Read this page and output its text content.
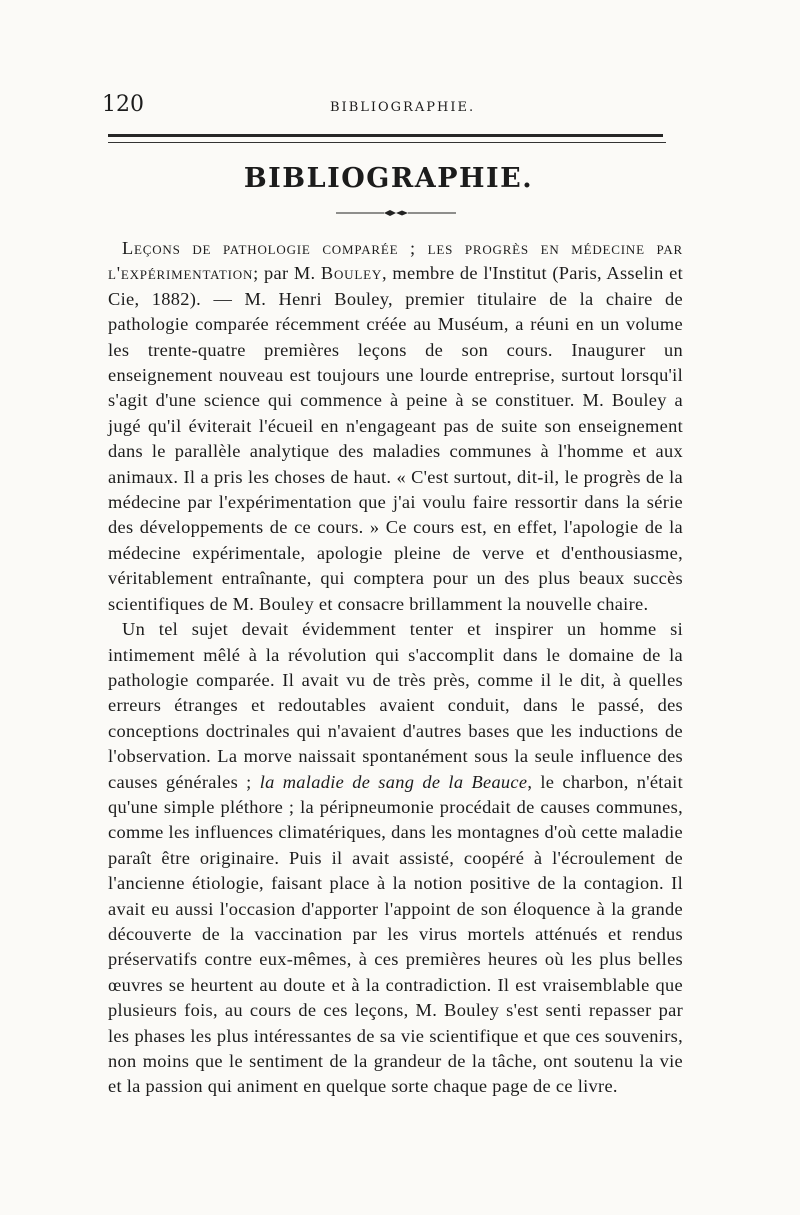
120	BIBLIOGRAPHIE.
BIBLIOGRAPHIE.

Leçons de pathologie comparée ; les progrès en médecine par l'expérimentation; par M. Bouley, membre de l'Institut (Paris, Asselin et Cie, 1882). — M. Henri Bouley, premier titulaire de la chaire de pathologie comparée récemment créée au Muséum, a réuni en un volume les trente-quatre premières leçons de son cours. Inaugurer un enseignement nouveau est toujours une lourde entreprise, surtout lorsqu'il s'agit d'une science qui commence à peine à se constituer. M. Bouley a jugé qu'il éviterait l'écueil en n'engageant pas de suite son enseignement dans le parallèle analytique des maladies communes à l'homme et aux animaux. Il a pris les choses de haut. « C'est surtout, dit-il, le progrès de la médecine par l'expérimentation que j'ai voulu faire ressortir dans la série des développements de ce cours. » Ce cours est, en effet, l'apologie de la médecine expérimentale, apologie pleine de verve et d'enthousiasme, véritablement entraînante, qui comptera pour un des plus beaux succès scientifiques de M. Bouley et consacre brillamment la nouvelle chaire.

Un tel sujet devait évidemment tenter et inspirer un homme si intimement mêlé à la révolution qui s'accomplit dans le domaine de la pathologie comparée. Il avait vu de très près, comme il le dit, à quelles erreurs étranges et redoutables avaient conduit, dans le passé, des conceptions doctrinales qui n'avaient d'autres bases que les inductions de l'observation. La morve naissait spontanément sous la seule influence des causes générales ; la maladie de sang de la Beauce, le charbon, n'était qu'une simple pléthore ; la péripneumonie procédait de causes communes, comme les influences climatériques, dans les montagnes d'où cette maladie paraît être originaire. Puis il avait assisté, coopéré à l'écroulement de l'ancienne étiologie, faisant place à la notion positive de la contagion. Il avait eu aussi l'occasion d'apporter l'appoint de son éloquence à la grande découverte de la vaccination par les virus mortels atténués et rendus préservatifs contre eux-mêmes, à ces premières heures où les plus belles œuvres se heurtent au doute et à la contradiction. Il est vraisemblable que plusieurs fois, au cours de ces leçons, M. Bouley s'est senti repasser par les phases les plus intéressantes de sa vie scientifique et que ces souvenirs, non moins que le sentiment de la grandeur de la tâche, ont soutenu la vie et la passion qui animent en quelque sorte chaque page de ce livre.
